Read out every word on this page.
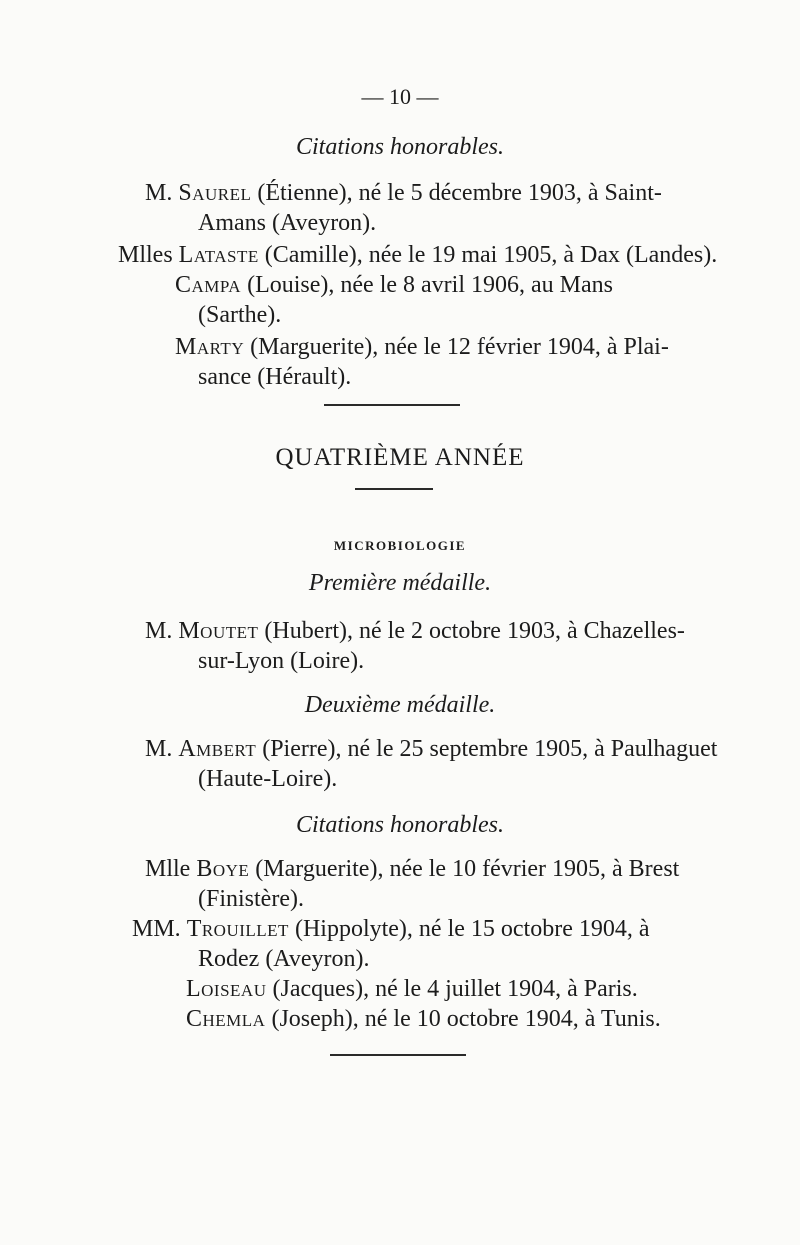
— 10 —
Citations honorables.
M. Saurel (Étienne), né le 5 décembre 1903, à Saint-
Amans (Aveyron).
Mlles Lataste (Camille), née le 19 mai 1905, à Dax (Landes).
Campa (Louise), née le 8 avril 1906, au Mans
(Sarthe).
Marty (Marguerite), née le 12 février 1904, à Plai-
sance (Hérault).
QUATRIÈME ANNÉE
MICROBIOLOGIE
Première médaille.
M. Moutet (Hubert), né le 2 octobre 1903, à Chazelles-
sur-Lyon (Loire).
Deuxième médaille.
M. Ambert (Pierre), né le 25 septembre 1905, à Paulhaguet
(Haute-Loire).
Citations honorables.
Mlle Boye (Marguerite), née le 10 février 1905, à Brest
(Finistère).
MM. Trouillet (Hippolyte), né le 15 octobre 1904, à
Rodez (Aveyron).
Loiseau (Jacques), né le 4 juillet 1904, à Paris.
Chemla (Joseph), né le 10 octobre 1904, à Tunis.
